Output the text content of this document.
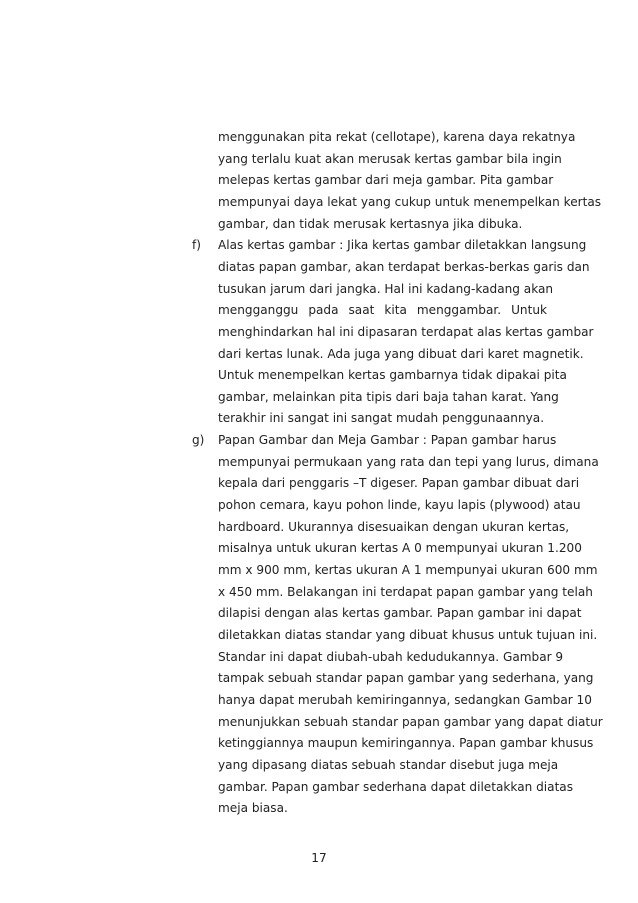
menggunakan pita rekat (cellotape), karena daya rekatnya
yang terlalu kuat akan merusak kertas gambar bila ingin
melepas kertas gambar dari meja gambar. Pita gambar
mempunyai daya lekat yang cukup untuk menempelkan kertas
gambar, dan tidak merusak kertasnya jika dibuka.
f) Alas kertas gambar : Jika kertas gambar diletakkan langsung
diatas papan gambar, akan terdapat berkas-berkas garis dan
tusukan jarum dari jangka. Hal ini kadang-kadang akan
mengganggu pada saat kita menggambar. Untuk
menghindarkan hal ini dipasaran terdapat alas kertas gambar
dari kertas lunak. Ada juga yang dibuat dari karet magnetik.
Untuk menempelkan kertas gambarnya tidak dipakai pita
gambar, melainkan pita tipis dari baja tahan karat. Yang
terakhir ini sangat ini sangat mudah penggunaannya.
g) Papan Gambar dan Meja Gambar : Papan gambar harus
mempunyai permukaan yang rata dan tepi yang lurus, dimana
kepala dari penggaris –T digeser. Papan gambar dibuat dari
pohon cemara, kayu pohon linde, kayu lapis (plywood) atau
hardboard. Ukurannya disesuaikan dengan ukuran kertas,
misalnya untuk ukuran kertas A 0 mempunyai ukuran 1.200
mm x 900 mm, kertas ukuran A 1 mempunyai ukuran 600 mm
x 450 mm. Belakangan ini terdapat papan gambar yang telah
dilapisi dengan alas kertas gambar. Papan gambar ini dapat
diletakkan diatas standar yang dibuat khusus untuk tujuan ini.
Standar ini dapat diubah-ubah kedudukannya. Gambar 9
tampak sebuah standar papan gambar yang sederhana, yang
hanya dapat merubah kemiringannya, sedangkan Gambar 10
menunjukkan sebuah standar papan gambar yang dapat diatur
ketinggiannya maupun kemiringannya. Papan gambar khusus
yang dipasang diatas sebuah standar disebut juga meja
gambar. Papan gambar sederhana dapat diletakkan diatas
meja biasa.
17
